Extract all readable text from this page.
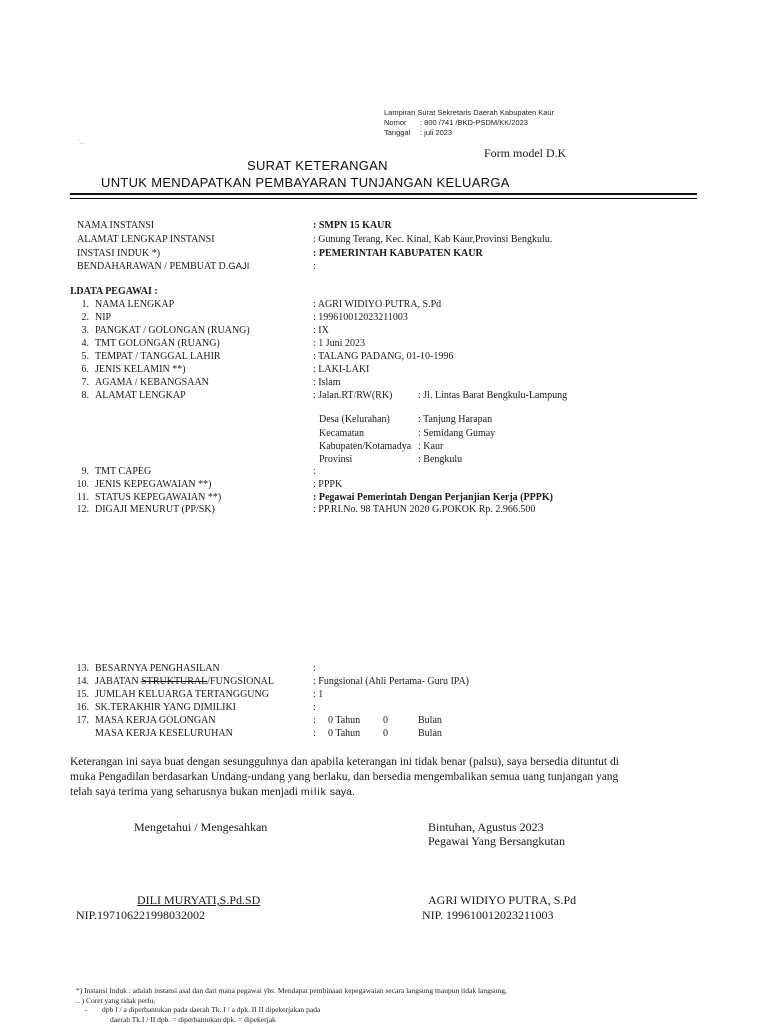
Lampiran Surat Sekretaris Daerah Kabupaten Kaur
Nomor : 800 /741 /BKD-PSDM/KK/2023
Tanggal : juli 2023
'...
Form model D.K
SURAT KETERANGAN
UNTUK MENDAPATKAN PEMBAYARAN TUNJANGAN KELUARGA
NAMA INSTANSI	: SMPN 15 KAUR
ALAMAT LENGKAP INSTANSI	: Gunung Terang, Kec. Kinal, Kab Kaur,Provinsi Bengkulu.
INSTASI INDUK *)	: PEMERINTAH KABUPATEN KAUR
BENDAHARAWAN / PEMBUAT D.GAJI	:
I.DATA PEGAWAI :
1. NAMA LENGKAP	: AGRI WIDIYO PUTRA, S.Pd
2. NIP	: 199610012023211003
3. PANGKAT / GOLONGAN (RUANG)	: IX
4. TMT GOLONGAN (RUANG)	: 1 Juni 2023
5. TEMPAT / TANGGAL LAHIR	: TALANG PADANG, 01-10-1996
6. JENIS KELAMIN **)	: LAKI-LAKI
7. AGAMA / KEBANGSAAN	: Islam
8. ALAMAT LENGKAP	: Jalan.RT/RW(RK)	: Jl. Lintas Barat Bengkulu-Lampung
Desa (Kelurahan)	: Tanjung Harapan
Kecamatan	: Semidang Gumay
Kabupaten/Kotamadya : Kaur
Provinsi	: Bengkulu
9. TMT CAPEG	:
10. JENIS KEPEGAWAIAN **)	: PPPK
11. STATUS KEPEGAWAIAN **)	: Pegawai Pemerintah Dengan Perjanjian Kerja (PPPK)
12. DIGAJI MENURUT (PP/SK)	: PP.RI.No. 98 TAHUN 2020 G.POKOK Rp. 2.966.500
13. BESARNYA PENGHASILAN	:
14. JABATAN STRUKTURAL/FUNGSIONAL	: Fungsional (Ahli Pertama- Guru IPA)
15. JUMLAH KELUARGA TERTANGGUNG	: 1
16. SK.TERAKHIR YANG DIMILIKI	:
17. MASA KERJA GOLONGAN	: 0 Tahun 0	Bulan
MASA KERJA KESELURUHAN	: 0 Tahun 0	Bulan
Keterangan ini saya buat dengan sesungguhnya dan apabila keterangan ini tidak benar (palsu), saya bersedia dituntut di
muka Pengadilan berdasarkan Undang-undang yang berlaku, dan bersedia mengembalikan semua uang tunjangan yang
telah saya terima yang seharusnya bukan menjadi milik saya.
Mengetahui / Mengesahkan	Bintuhan, Agustus 2023
Pegawai Yang Bersangkutan
DILI MURYATI,S.Pd.SD
NIP.197106221998032002
AGRI WIDIYO PUTRA, S.Pd
NIP. 199610012023211003
*) Instansi Induk : adalah instansi asal dan dari mana pegawai ybs. Mendapat pembinaan kepegawaian secara langsung maupun tidak langsung,
.. ) Coret yang tidak perlu,
- dpb I / a diperbantukan pada daerah Tk. I / a dpk. II II dipekerjakan pada
daerah Tk.I / II dpb. = diperbantukan dpk. = dipekerjak
